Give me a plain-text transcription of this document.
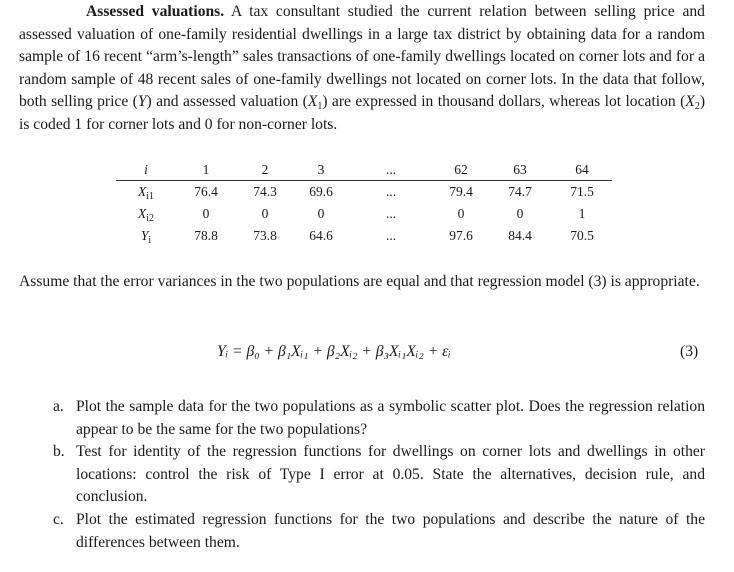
Assessed valuations. A tax consultant studied the current relation between selling price and assessed valuation of one-family residential dwellings in a large tax district by obtaining data for a random sample of 16 recent “arm’s-length” sales transactions of one-family dwellings located on corner lots and for a random sample of 48 recent sales of one-family dwellings not located on corner lots. In the data that follow, both selling price (Y) and assessed valuation $(X_1)$ are expressed in thousand dollars, whereas lot location $(X_2)$ is coded 1 for corner lots and 0 for non-corner lots.
i	1	2	3	...	62	63	64
$X_{i1}$	76.4	74.3	69.6	...	79.4	74.7	71.5
$X_{i2}$	0	0	0	...	0	0	1
$Y_i$	78.8	73.8	64.6	...	97.6	84.4	70.5
Assume that the error variances in the two populations are equal and that regression model (3) is appropriate.
Yᵢ = β₀ + β₁Xᵢ₁ + β₂Xᵢ₂ + β₃Xᵢ₁Xᵢ₂ + εᵢ	(3)
a. Plot the sample data for the two populations as a symbolic scatter plot. Does the regression relation appear to be the same for the two populations?
b. Test for identity of the regression functions for dwellings on corner lots and dwellings in other locations: control the risk of Type I error at 0.05. State the alternatives, decision rule, and conclusion.
c. Plot the estimated regression functions for the two populations and describe the nature of the differences between them.
